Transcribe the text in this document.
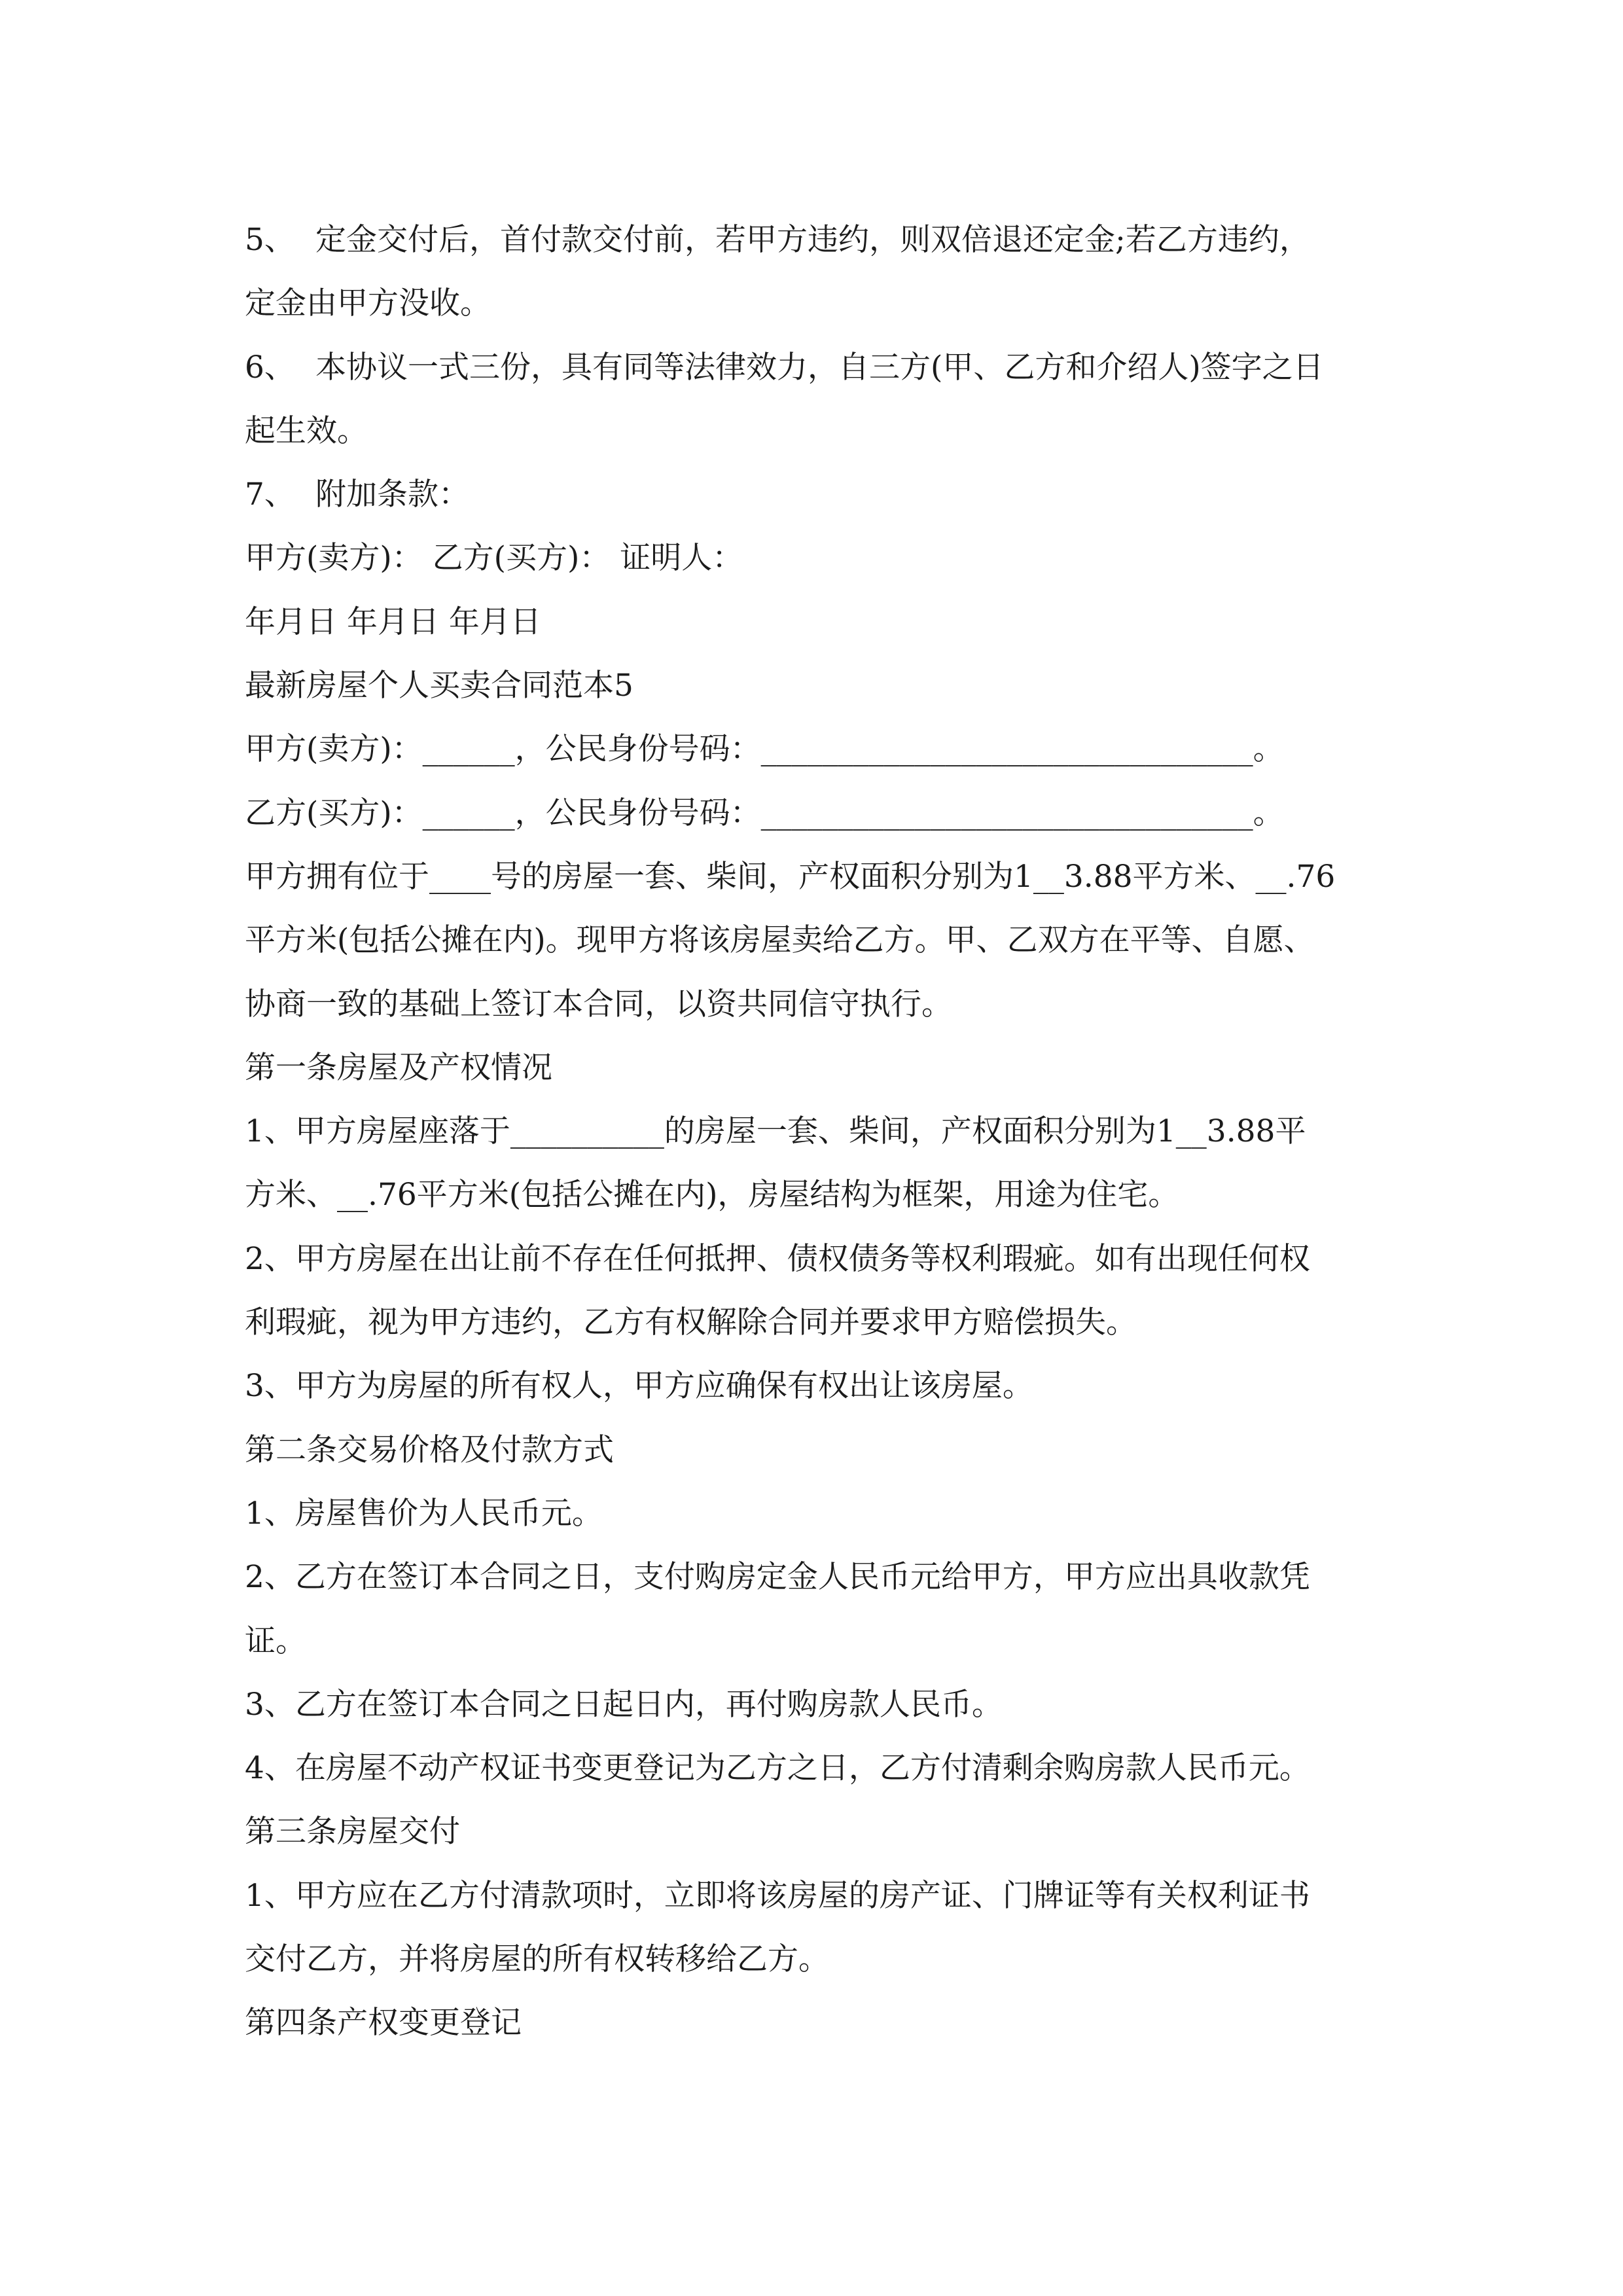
5、 定金交付后，首付款交付前，若甲方违约，则双倍退还定金;若乙方违约，
定金由甲方没收。
6、 本协议一式三份，具有同等法律效力，自三方(甲、乙方和介绍人)签字之日
起生效。
7、 附加条款：
甲方(卖方)： 乙方(买方)： 证明人：
年月日 年月日 年月日
最新房屋个人买卖合同范本5
甲方(卖方)：______，公民身份号码：________________________________。
乙方(买方)：______，公民身份号码：________________________________。
甲方拥有位于____号的房屋一套、柴间，产权面积分别为1__3.88平方米、__.76
平方米(包括公摊在内)。现甲方将该房屋卖给乙方。甲、乙双方在平等、自愿、
协商一致的基础上签订本合同，以资共同信守执行。
第一条房屋及产权情况
1、甲方房屋座落于__________的房屋一套、柴间，产权面积分别为1__3.88平
方米、__.76平方米(包括公摊在内)，房屋结构为框架，用途为住宅。
2、甲方房屋在出让前不存在任何抵押、债权债务等权利瑕疵。如有出现任何权
利瑕疵，视为甲方违约，乙方有权解除合同并要求甲方赔偿损失。
3、甲方为房屋的所有权人，甲方应确保有权出让该房屋。
第二条交易价格及付款方式
1、房屋售价为人民币元。
2、乙方在签订本合同之日，支付购房定金人民币元给甲方，甲方应出具收款凭
证。
3、乙方在签订本合同之日起日内，再付购房款人民币。
4、在房屋不动产权证书变更登记为乙方之日，乙方付清剩余购房款人民币元。
第三条房屋交付
1、甲方应在乙方付清款项时，立即将该房屋的房产证、门牌证等有关权利证书
交付乙方，并将房屋的所有权转移给乙方。
第四条产权变更登记
